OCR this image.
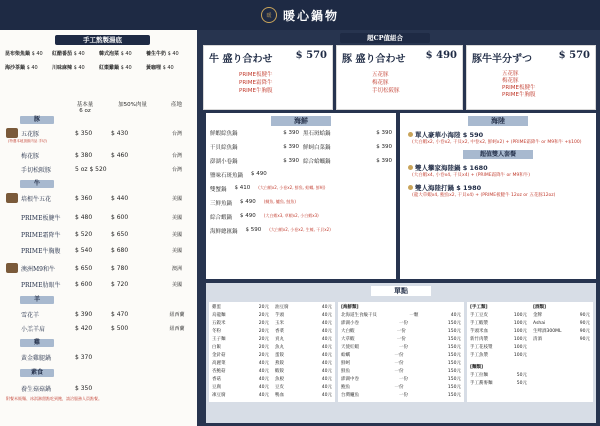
暖 暖心鍋物
手工熬製湯底
昆布柴魚鍋 $ 40	紅醋番茄 $ 40	韓式泡菜 $ 40	養生牛奶 $ 40
海沙茶鍋 $ 40	川味麻辣 $ 40	紅棗雞鍋 $ 40	黃咖哩 $ 40
基本量
6 oz
加50%肉量	產地
豚
五花豚	$ 350	$ 430	台灣
(特選本地頂級肉品 手切)
梅花豚	$ 380	$ 460	台灣
手切松阪豚	5 oz $ 520	台灣
牛
培根牛五花	$ 360	$ 440	美國
PRIME板腱牛	$ 480	$ 600	美國
PRIME霜降牛	$ 520	$ 650	美國
PRIME牛胸腹	$ 540	$ 680	美國
澳洲M9和牛	$ 650	$ 780	澳洲
PRIME肋眼牛	$ 600	$ 720	美國
羊
雪花羊	$ 390	$ 470	紐西蘭
小羔羊肩	$ 420	$ 500	紐西蘭
雞
黃金雞腿鍋	$ 370
素食
養生菇菇鍋	$ 350
附餐米飯麵、冰淇淋甜點吃到飽，請洽服務人員點餐。
超CP值組合
牛 盛り合わせ $ 570
PRIME板腱牛
PRIME霜降牛
PRIME牛胸腹
豚 盛り合わせ $ 490
五花豚
梅花豚
手切松阪豚
豚牛半分ずつ	$ 570
五花豚
梅花豚
PRIME板腱牛
PRIME牛胸腹
海鮮
鮮蝦綜魚鍋	$ 390 黑石斑蛤鍋	$ 390
干貝綜魚鍋	$ 390 鮮蚵白菜鍋	$ 390
澎湖小卷鍋	$ 390 綜合蛤蠣鍋	$ 390
鹽味石斑魚鍋 $ 490
雙蟹鍋 $ 410 (大白蝦x2, 小卷x2, 鮮魚, 蛤蠣, 鮮蚵)
三鮮魚鍋 $ 490 (鯛魚, 鱸魚, 鮭魚)
綜合蝦鍋 $ 490 (大白蝦x3, 草蝦x2, 小白蝦x3)
海鮮總匯鍋 $ 590 (大白蝦x2, 小卷x2, 生蠔, 干貝x2)
海陸
單人豪華小海陸 $ 590
(大白蝦x2, 小卷x2, 干貝x2, 中卷x2, 鮮蚵x2) + (PRIME霜降牛 or M9和牛 +$100)
超值雙人套餐
雙人攀家海陸鍋 $ 1680
(大白蝦x4, 小卷x4, 干貝x4) + (PRIME霜降牛 or M9和牛)
雙人海陸打鍋 $ 1980
(龍大草蝦x4, 鮑魚x2, 干貝x4) + (PRIME板腱牛 12oz or 五花豚12oz)
單點
雞蛋	20元
烏龍麵	20元
五穀米	20元
冬粉	20元
王子麵	20元
白飯	20元
金針菇	20元
高麗菜	40元
杏鮑菇	40元
香菇	40元
豆腐	40元
凍豆腐	40元
油豆腐	40元
芋頭	40元
玉米	40元
香菜	40元
貢丸	40元
魚丸	40元
蛋餃	40元
燕餃	40元
蝦餃	40元
魚板	40元
豆皮	40元
鴨血	40元
[海鮮類]
北海道生食級干貝	一顆	40元
澎湖小卷	一份	150元
大白蝦	一份	150元
大草蝦	一份	150元
天使紅蝦	一份	150元
蛤蠣	一份	150元
鮮蚵	一份	150元
鮮魚	一份	150元
澎湖中卷	一份	150元
鮑魚	一份	150元
台灣鱸魚	一份	150元
[手工類]
手工豆皮	100元
手工蝦漿	100元
芋頭米血	100元
新竹肉漿	100元
手工花枝漿	100元
手工魚漿	100元
[麵類]
手工拉麵	50元
手工蕎麥麵	50元
[酒類]
金牌	90元
Ashai	90元
生啤酒300ML	90元
清酒	90元
